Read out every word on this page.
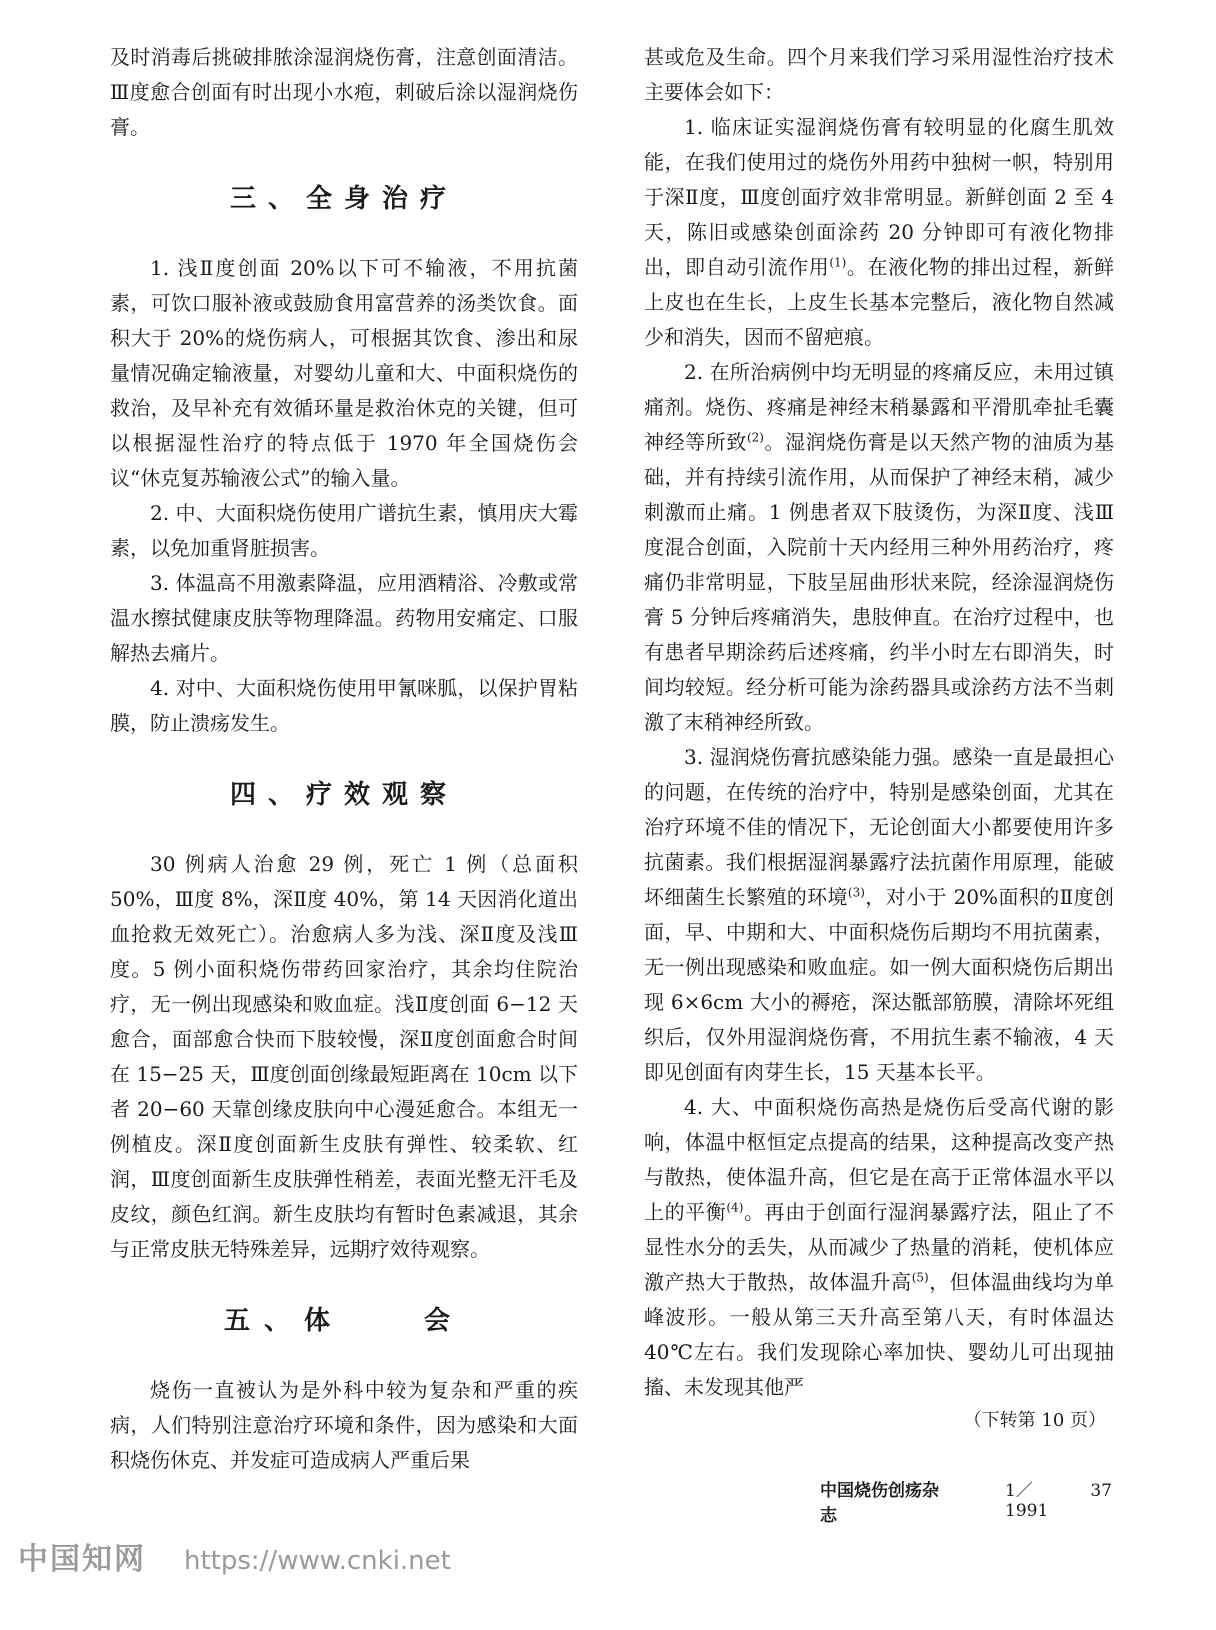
及时消毒后挑破排脓涂湿润烧伤膏，注意创面清洁。Ⅲ度愈合创面有时出现小水疱，刺破后涂以湿润烧伤膏。

三、全身治疗

1. 浅Ⅱ度创面 20%以下可不输液，不用抗菌素，可饮口服补液或鼓励食用富营养的汤类饮食。面积大于 20%的烧伤病人，可根据其饮食、渗出和尿量情况确定输液量，对婴幼儿童和大、中面积烧伤的救治，及早补充有效循环量是救治休克的关键，但可以根据湿性治疗的特点低于 1970 年全国烧伤会议“休克复苏输液公式”的输入量。

2. 中、大面积烧伤使用广谱抗生素，慎用庆大霉素，以免加重肾脏损害。

3. 体温高不用激素降温，应用酒精浴、冷敷或常温水擦拭健康皮肤等物理降温。药物用安痛定、口服解热去痛片。

4. 对中、大面积烧伤使用甲氰咪胍，以保护胃粘膜，防止溃疡发生。

四、疗效观察

30 例病人治愈 29 例，死亡 1 例（总面积50%，Ⅲ度 8%，深Ⅱ度 40%，第 14 天因消化道出血抢救无效死亡）。治愈病人多为浅、深Ⅱ度及浅Ⅲ度。5 例小面积烧伤带药回家治疗，其余均住院治疗，无一例出现感染和败血症。浅Ⅱ度创面 6−12 天愈合，面部愈合快而下肢较慢，深Ⅱ度创面愈合时间在 15−25 天，Ⅲ度创面创缘最短距离在 10cm 以下者 20−60 天靠创缘皮肤向中心漫延愈合。本组无一例植皮。深Ⅱ度创面新生皮肤有弹性、较柔软、红润，Ⅲ度创面新生皮肤弹性稍差，表面光整无汗毛及皮纹，颜色红润。新生皮肤均有暂时色素减退，其余与正常皮肤无特殊差异，远期疗效待观察。

五、体　　会

烧伤一直被认为是外科中较为复杂和严重的疾病，人们特别注意治疗环境和条件，因为感染和大面积烧伤休克、并发症可造成病人严重后果

甚或危及生命。四个月来我们学习采用湿性治疗技术主要体会如下：

1. 临床证实湿润烧伤膏有较明显的化腐生肌效能，在我们使用过的烧伤外用药中独树一帜，特别用于深Ⅱ度，Ⅲ度创面疗效非常明显。新鲜创面 2 至 4 天，陈旧或感染创面涂药 20 分钟即可有液化物排出，即自动引流作用$^{(1)}$。在液化物的排出过程，新鲜上皮也在生长，上皮生长基本完整后，液化物自然减少和消失，因而不留疤痕。

2. 在所治病例中均无明显的疼痛反应，未用过镇痛剂。烧伤、疼痛是神经末稍暴露和平滑肌牵扯毛囊神经等所致$^{(2)}$。湿润烧伤膏是以天然产物的油质为基础，并有持续引流作用，从而保护了神经末稍，减少刺激而止痛。1 例患者双下肢烫伤，为深Ⅱ度、浅Ⅲ度混合创面，入院前十天内经用三种外用药治疗，疼痛仍非常明显，下肢呈屈曲形状来院，经涂湿润烧伤膏 5 分钟后疼痛消失，患肢伸直。在治疗过程中，也有患者早期涂药后述疼痛，约半小时左右即消失，时间均较短。经分析可能为涂药器具或涂药方法不当刺激了末稍神经所致。

3. 湿润烧伤膏抗感染能力强。感染一直是最担心的问题，在传统的治疗中，特别是感染创面，尤其在治疗环境不佳的情况下，无论创面大小都要使用许多抗菌素。我们根据湿润暴露疗法抗菌作用原理，能破坏细菌生长繁殖的环境$^{(3)}$，对小于 20%面积的Ⅱ度创面，早、中期和大、中面积烧伤后期均不用抗菌素，无一例出现感染和败血症。如一例大面积烧伤后期出现 6×6cm 大小的褥疮，深达骶部筋膜，清除坏死组织后，仅外用湿润烧伤膏，不用抗生素不输液，4 天即见创面有肉芽生长，15 天基本长平。

4. 大、中面积烧伤高热是烧伤后受高代谢的影响，体温中枢恒定点提高的结果，这种提高改变产热与散热，使体温升高，但它是在高于正常体温水平以上的平衡$^{(4)}$。再由于创面行湿润暴露疗法，阻止了不显性水分的丢失，从而减少了热量的消耗，使机体应激产热大于散热，故体温升高$^{(5)}$，但体温曲线均为单峰波形。一般从第三天升高至第八天，有时体温达 40℃左右。我们发现除心率加快、婴幼儿可出现抽搐、未发现其他严

（下转第 10 页）
中国烧伤创疡杂志
1／1991
37
中国知网 https://www.cnki.net
